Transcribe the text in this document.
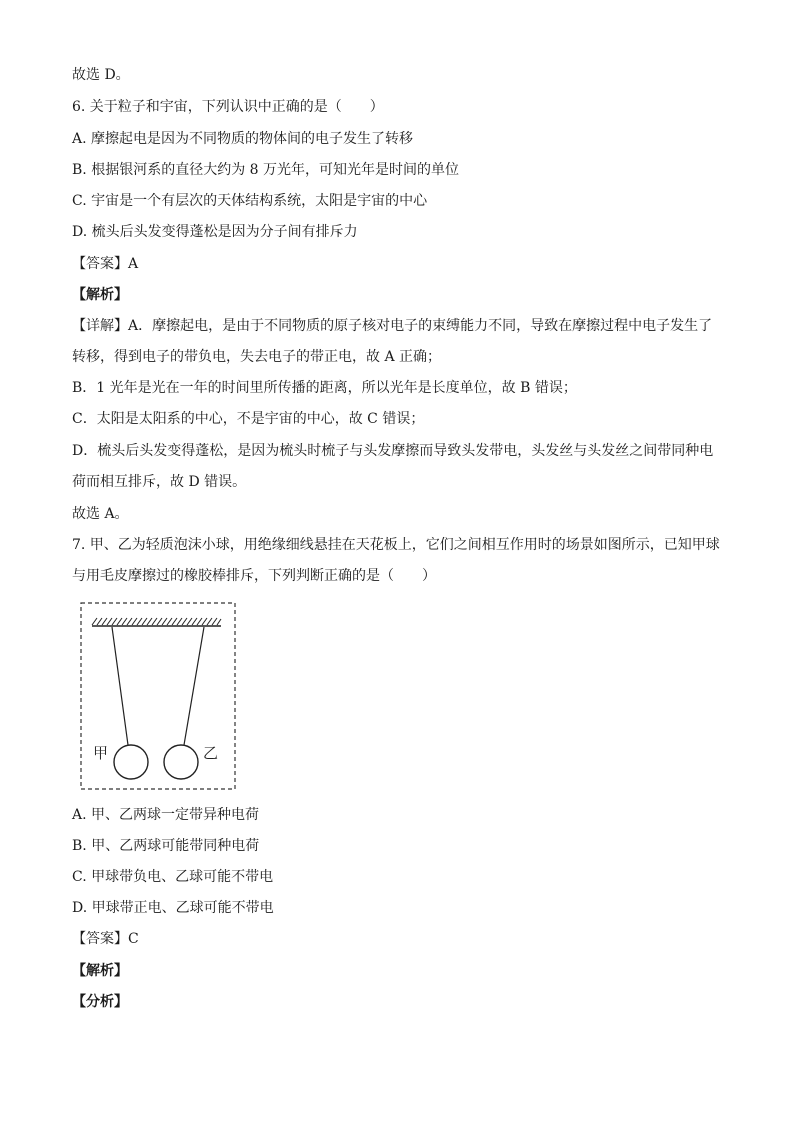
故选 D。
6. 关于粒子和宇宙，下列认识中正确的是（　　）
A. 摩擦起电是因为不同物质的物体间的电子发生了转移
B. 根据银河系的直径大约为 8 万光年，可知光年是时间的单位
C. 宇宙是一个有层次的天体结构系统，太阳是宇宙的中心
D. 梳头后头发变得蓬松是因为分子间有排斥力
【答案】A
【解析】
【详解】A．摩擦起电，是由于不同物质的原子核对电子的束缚能力不同，导致在摩擦过程中电子发生了
转移，得到电子的带负电，失去电子的带正电，故 A 正确；
B．1 光年是光在一年的时间里所传播的距离，所以光年是长度单位，故 B 错误；
C．太阳是太阳系的中心，不是宇宙的中心，故 C 错误；
D．梳头后头发变得蓬松，是因为梳头时梳子与头发摩擦而导致头发带电，头发丝与头发丝之间带同种电
荷而相互排斥，故 D 错误。
故选 A。
7. 甲、乙为轻质泡沫小球，用绝缘细线悬挂在天花板上，它们之间相互作用时的场景如图所示，已知甲球
与用毛皮摩擦过的橡胶棒排斥，下列判断正确的是（　　）
甲	乙
A. 甲、乙两球一定带异种电荷
B. 甲、乙两球可能带同种电荷
C. 甲球带负电、乙球可能不带电
D. 甲球带正电、乙球可能不带电
【答案】C
【解析】
【分析】
